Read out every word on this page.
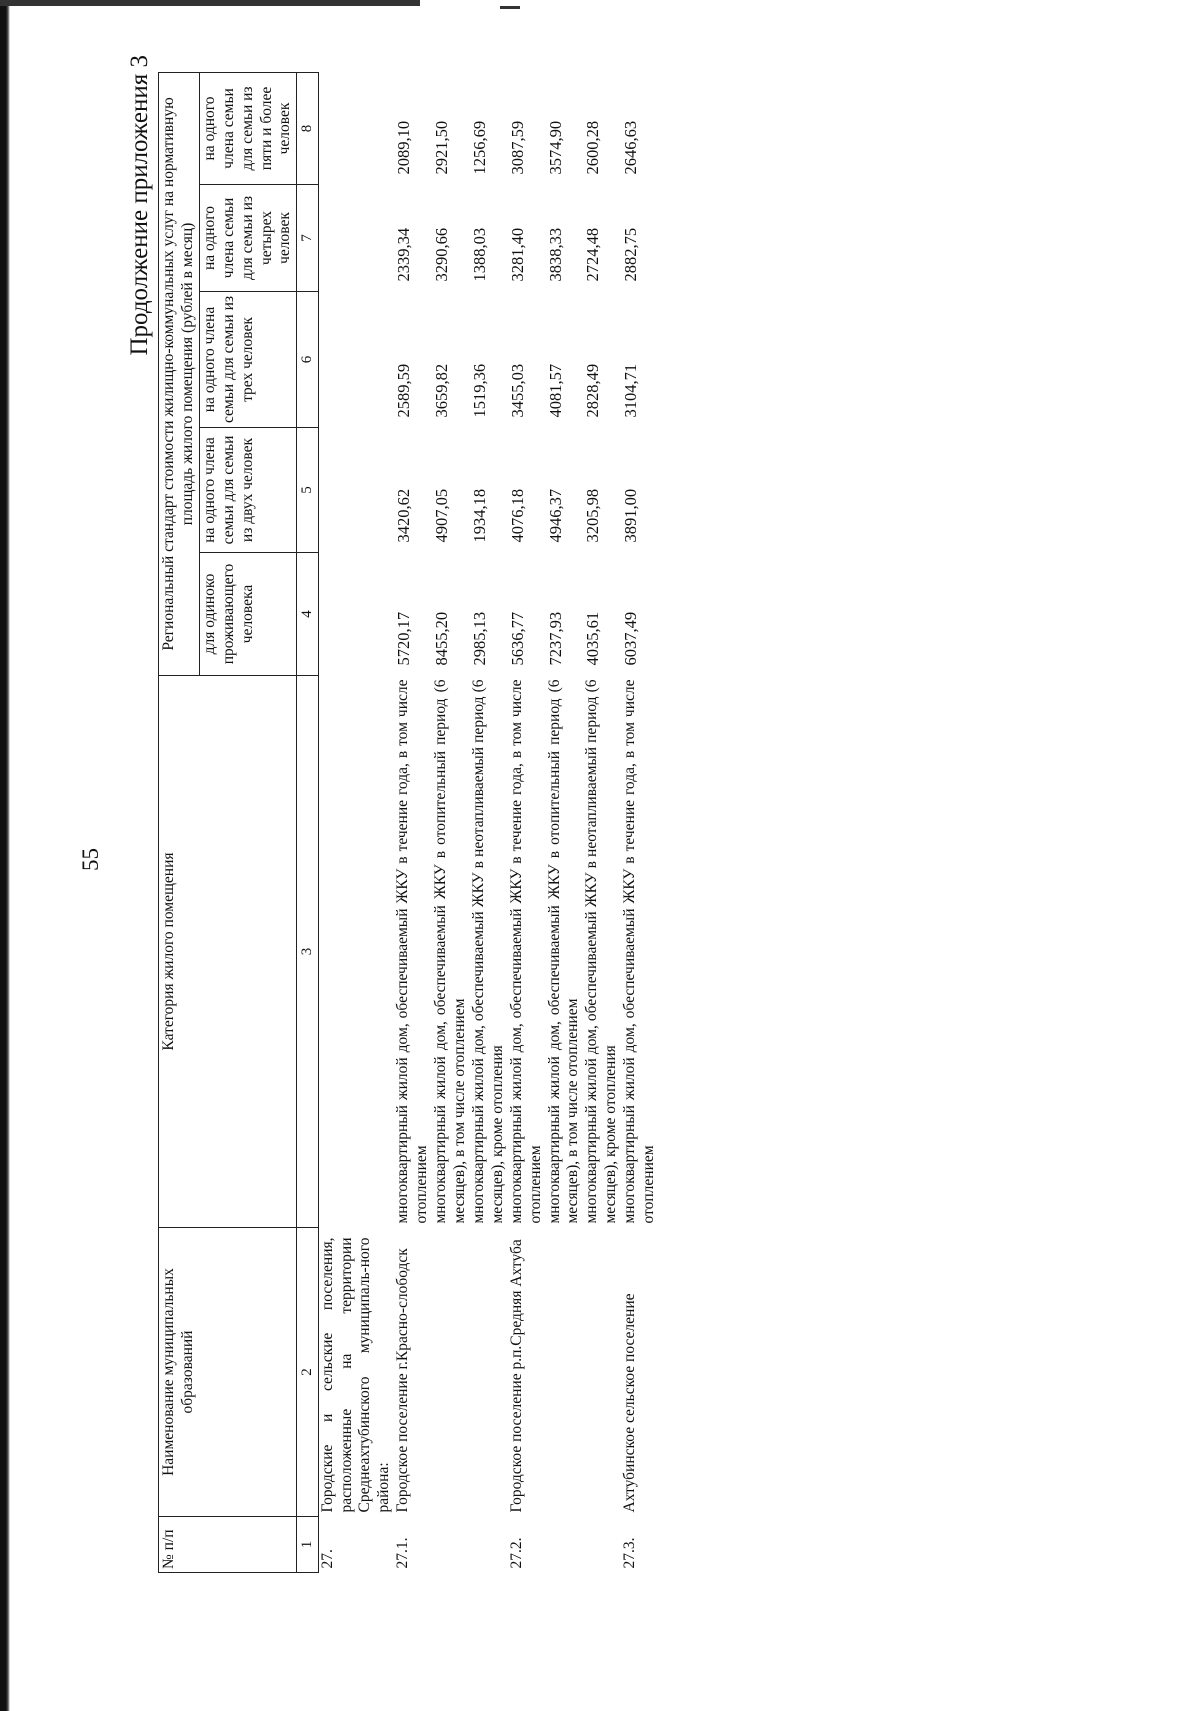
55
Продолжение приложения 3
№ п/п	Наименование муниципальных образований	Категория жилого помещения	Региональный стандарт стоимости жилищно-коммунальных услуг на нормативную площадь жилого помещения (рублей в месяц)				
			для одиноко проживающего человека	на одного члена семьи для семьи из двух человек	на одного члена семьи для семьи из трех человек	на одного члена семьи для семьи из четырех человек	на одного члена семьи для семьи из пяти и более человек
1	2	3	4	5	6	7	8
27.	Городские и сельские поселения, расположенные на территории Среднеахтубинского муниципаль-ного района:						
27.1.	Городское поселение г.Красно-слободск	многоквартирный жилой дом, обеспечиваемый ЖКУ в течение года, в том числе отоплением	5720,17	3420,62	2589,59	2339,34	2089,10
		многоквартирный жилой дом, обеспечиваемый ЖКУ в отопительный период (6 месяцев), в том числе отоплением	8455,20	4907,05	3659,82	3290,66	2921,50
		многоквартирный жилой дом, обеспечиваемый ЖКУ в неотапливаемый период (6 месяцев), кроме отопления	2985,13	1934,18	1519,36	1388,03	1256,69
27.2.	Городское поселение р.п.Средняя Ахтуба	многоквартирный жилой дом, обеспечиваемый ЖКУ в течение года, в том числе отоплением	5636,77	4076,18	3455,03	3281,40	3087,59
		многоквартирный жилой дом, обеспечиваемый ЖКУ в отопительный период (6 месяцев), в том числе отоплением	7237,93	4946,37	4081,57	3838,33	3574,90
		многоквартирный жилой дом, обеспечиваемый ЖКУ в неотапливаемый период (6 месяцев), кроме отопления	4035,61	3205,98	2828,49	2724,48	2600,28
27.3.	Ахтубинское сельское поселение	многоквартирный жилой дом, обеспечиваемый ЖКУ в течение года, в том числе отоплением	6037,49	3891,00	3104,71	2882,75	2646,63
